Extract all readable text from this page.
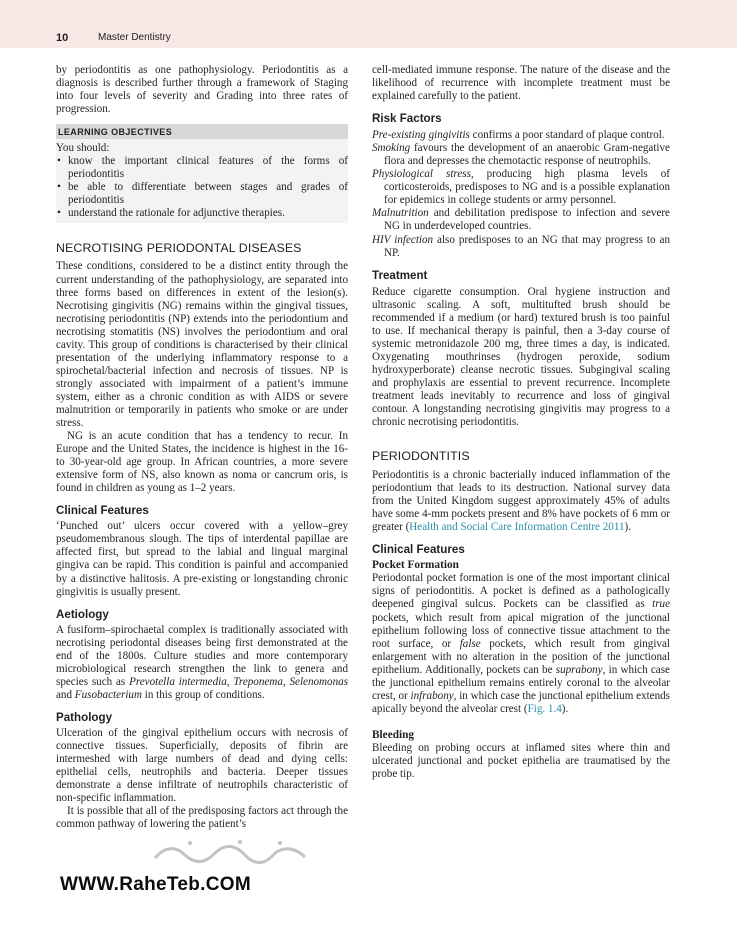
10	Master Dentistry

by periodontitis as one pathophysiology. Periodontitis as a diagnosis is described further through a framework of Staging into four levels of severity and Grading into three rates of progression.

LEARNING OBJECTIVES

You should:

• know the important clinical features of the forms of periodontitis
• be able to differentiate between stages and grades of periodontitis
• understand the rationale for adjunctive therapies.
NECROTISING PERIODONTAL DISEASES

These conditions, considered to be a distinct entity through the current understanding of the pathophysiology, are separated into three forms based on differences in extent of the lesion(s). Necrotising gingivitis (NG) remains within the gingival tissues, necrotising periodontitis (NP) extends into the periodontium and necrotising stomatitis (NS) involves the periodontium and oral cavity. This group of conditions is characterised by their clinical presentation of the underlying inflammatory response to a spirochetal/bacterial infection and necrosis of tissues. NP is strongly associated with impairment of a patient’s immune system, either as a chronic condition as with AIDS or severe malnutrition or temporarily in patients who smoke or are under stress.

NG is an acute condition that has a tendency to recur. In Europe and the United States, the incidence is highest in the 16- to 30-year-old age group. In African countries, a more severe extensive form of NS, also known as noma or cancrum oris, is found in children as young as 1–2 years.

Clinical Features

‘Punched out’ ulcers occur covered with a yellow–grey pseudomembranous slough. The tips of interdental papillae are affected first, but spread to the labial and lingual marginal gingiva can be rapid. This condition is painful and accompanied by a distinctive halitosis. A pre-existing or longstanding chronic gingivitis is usually present.

Aetiology

A fusiform–spirochaetal complex is traditionally associated with necrotising periodontal diseases being first demonstrated at the end of the 1800s. Culture studies and more contemporary microbiological research strengthen the link to genera and species such as Prevotella intermedia, Treponema, Selenomonas and Fusobacterium in this group of conditions.

Pathology

Ulceration of the gingival epithelium occurs with necrosis of connective tissues. Superficially, deposits of fibrin are intermeshed with large numbers of dead and dying cells: epithelial cells, neutrophils and bacteria. Deeper tissues demonstrate a dense infiltrate of neutrophils characteristic of non-specific inflammation.

It is possible that all of the predisposing factors act through the common pathway of lowering the patient’s

cell-mediated immune response. The nature of the disease and the likelihood of recurrence with incomplete treatment must be explained carefully to the patient.

Risk Factors

Pre-existing gingivitis confirms a poor standard of plaque control.

Smoking favours the development of an anaerobic Gram-negative flora and depresses the chemotactic response of neutrophils.

Physiological stress, producing high plasma levels of corticosteroids, predisposes to NG and is a possible explanation for epidemics in college students or army personnel.

Malnutrition and debilitation predispose to infection and severe NG in underdeveloped countries.

HIV infection also predisposes to an NG that may progress to an NP.

Treatment

Reduce cigarette consumption. Oral hygiene instruction and ultrasonic scaling. A soft, multitufted brush should be recommended if a medium (or hard) textured brush is too painful to use. If mechanical therapy is painful, then a 3-day course of systemic metronidazole 200 mg, three times a day, is indicated. Oxygenating mouthrinses (hydrogen peroxide, sodium hydroxyperborate) cleanse necrotic tissues. Subgingival scaling and prophylaxis are essential to prevent recurrence. Incomplete treatment leads inevitably to recurrence and loss of gingival contour. A longstanding necrotising gingivitis may progress to a chronic necrotising periodontitis.

PERIODONTITIS

Periodontitis is a chronic bacterially induced inflammation of the periodontium that leads to its destruction. National survey data from the United Kingdom suggest approximately 45% of adults have some 4-mm pockets present and 8% have pockets of 6 mm or greater (Health and Social Care Information Centre 2011).

Clinical Features
Pocket Formation

Periodontal pocket formation is one of the most important clinical signs of periodontitis. A pocket is defined as a pathologically deepened gingival sulcus. Pockets can be classified as true pockets, which result from apical migration of the junctional epithelium following loss of connective tissue attachment to the root surface, or false pockets, which result from gingival enlargement with no alteration in the position of the junctional epithelium. Additionally, pockets can be suprabony, in which case the junctional epithelium remains entirely coronal to the alveolar crest, or infrabony, in which case the junctional epithelium extends apically beyond the alveolar crest (Fig. 1.4).

Bleeding

Bleeding on probing occurs at inflamed sites where thin and ulcerated junctional and pocket epithelia are traumatised by the probe tip.

WWW.RaheTeb.COM
